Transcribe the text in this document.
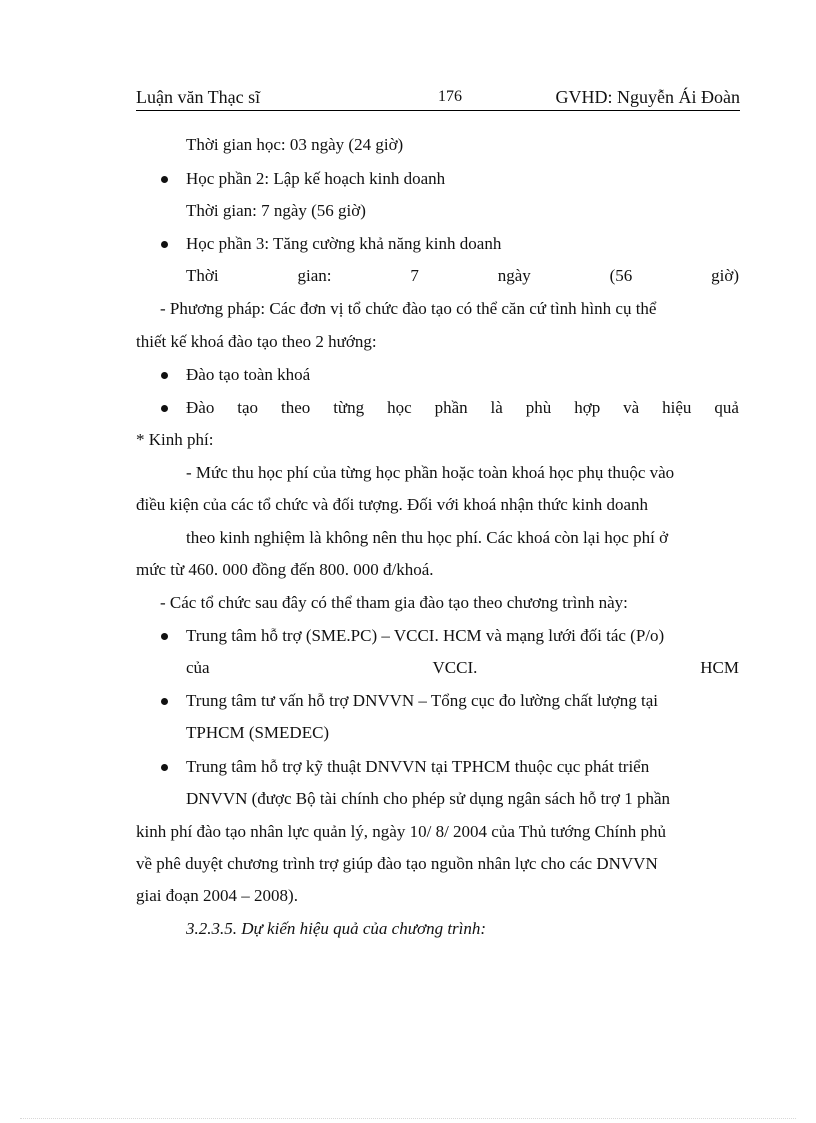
Luận văn Thạc sĩ	176	GVHD: Nguyễn Ái Đoàn
Thời gian học: 03 ngày (24 giờ)
Học phần 2: Lập kế hoạch kinh doanh
Thời gian: 7 ngày (56 giờ)
Học phần 3: Tăng cường khả năng kinh doanh
Thời	gian:	7	ngày	(56	giờ)
- Phương pháp: Các đơn vị tổ chức đào tạo có thể căn cứ tình hình cụ thể
thiết kế khoá đào tạo theo 2 hướng:
Đào tạo toàn khoá
Đào tạo theo từng học phần là phù hợp và hiệu quả
* Kinh phí:
- Mức thu học phí của từng học phần hoặc toàn khoá học phụ thuộc vào
điều kiện của các tổ chức và đối tượng. Đối với khoá nhận thức kinh doanh
theo kinh nghiệm là không nên thu học phí. Các khoá còn lại học phí ở
mức từ 460. 000 đồng đến 800. 000 đ/khoá.
- Các tổ chức sau đây có thể tham gia đào tạo theo chương trình này:
Trung tâm hỗ trợ (SME.PC) – VCCI. HCM và mạng lưới đối tác (P/o)
của	VCCI.	HCM
Trung tâm tư vấn hỗ trợ DNVVN – Tổng cục đo lường chất lượng tại
TPHCM (SMEDEC)
Trung tâm hỗ trợ kỹ thuật DNVVN tại TPHCM thuộc cục phát triển
DNVVN (được Bộ tài chính cho phép sử dụng ngân sách hỗ trợ 1 phần
kinh phí đào tạo nhân lực quản lý, ngày 10/ 8/ 2004 của Thủ tướng Chính phủ
về phê duyệt chương trình trợ giúp đào tạo nguồn nhân lực cho các DNVVN
giai đoạn 2004 – 2008).
3.2.3.5. Dự kiến hiệu quả của chương trình:
